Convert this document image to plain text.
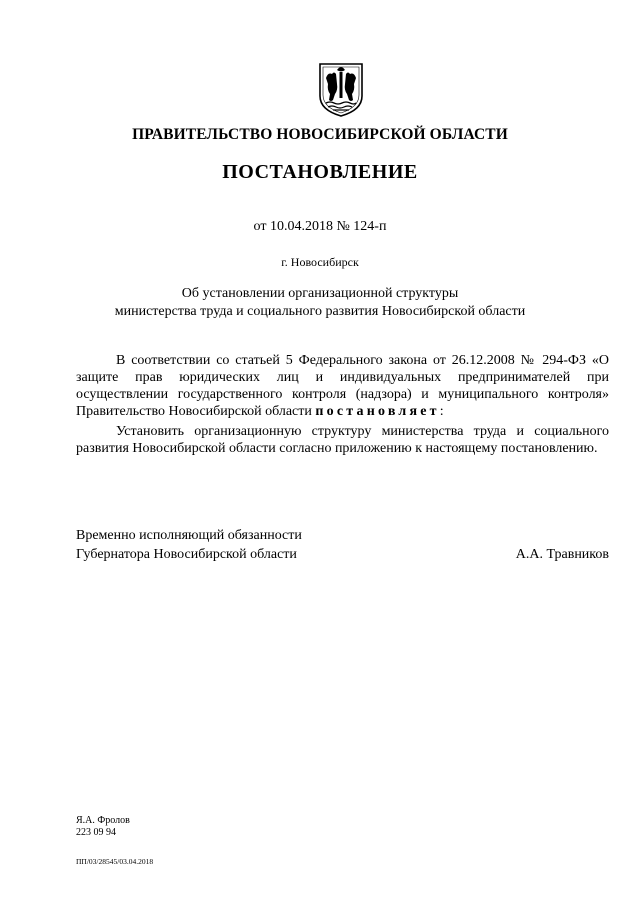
ПРАВИТЕЛЬСТВО НОВОСИБИРСКОЙ ОБЛАСТИ
ПОСТАНОВЛЕНИЕ
от 10.04.2018 № 124-п
г. Новосибирск
Об установлении организационной структуры
министерства труда и социального развития Новосибирской области

В соответствии со статьей 5 Федерального закона от 26.12.2008 № 294-ФЗ «О защите прав юридических лиц и индивидуальных предпринимателей при осуществлении государственного контроля (надзора) и муниципального контроля» Правительство Новосибирской области постановляет:

Установить организационную структуру министерства труда и социального развития Новосибирской области согласно приложению к настоящему постановлению.

Временно исполняющий обязанности
Губернатора Новосибирской области	А.А. Травников
Я.А. Фролов
223 09 94
ПП/03/28545/03.04.2018
